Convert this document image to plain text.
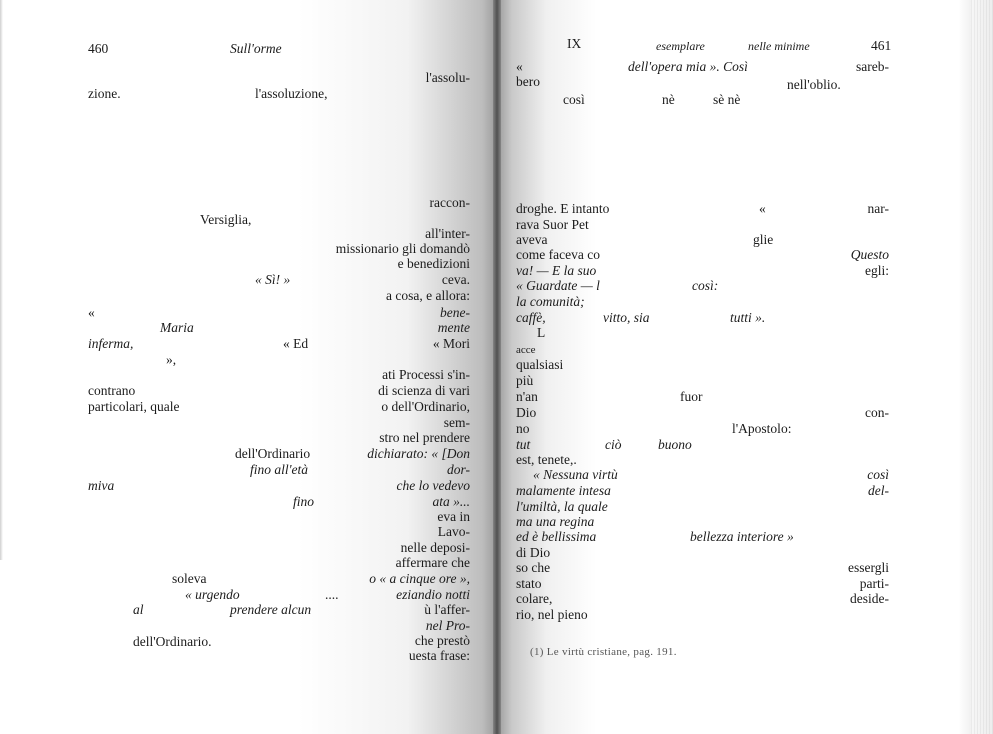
460	Sull'orme
l'assolu-
zione.	l'assoluzione,
raccon-
Versiglia,
all'inter-
missionario gli domandò
e benedizioni
« Sì! »	ceva.
a cosa, e allora:
«	bene-
Maria	mente
inferma,	« Ed	« Mori
»,
ati Processi s'in-
contrano	di scienza di vari
particolari, quale	o dell'Ordinario,
sem-
stro nel prendere
dell'Ordinario	dichiarato: « [Don
fino all'età	dor-
miva	che lo vedevo
fino	ata »...
eva in
Lavo-
nelle deposi-
affermare che
soleva	o « a cinque ore »,
« urgendo	....	eziandio notti
al	prendere alcun	ù l'affer-
nel Pro-
che prestò
dell'Ordinario.
uesta frase:
IX	esemplare	nelle minime	461
«	dell'opera mia ». Così	sareb-
bero	nell'oblio.
così	nè	sè nè
droghe. E intanto	«	nar-
rava Suor Pet
aveva	glie
come faceva co	Questo
va! — E la suo	egli:
« Guardate — l	così:
la comunità;
caffè,	vitto, sia	tutti ».
L
acce
qualsiasi
più
n'an	fuor
Dio
no	l'Apostolo:
con-
tut	ciò	buono
est, tenete,.
« Nessuna virtù	così
malamente intesa	del-
l'umiltà, la quale
ma una regina
ed è bellissima	bellezza interiore »
di Dio
so che	essergli
stato	parti-
colare,	deside-
rio, nel pieno
(1) Le virtù cristiane, pag. 191.
